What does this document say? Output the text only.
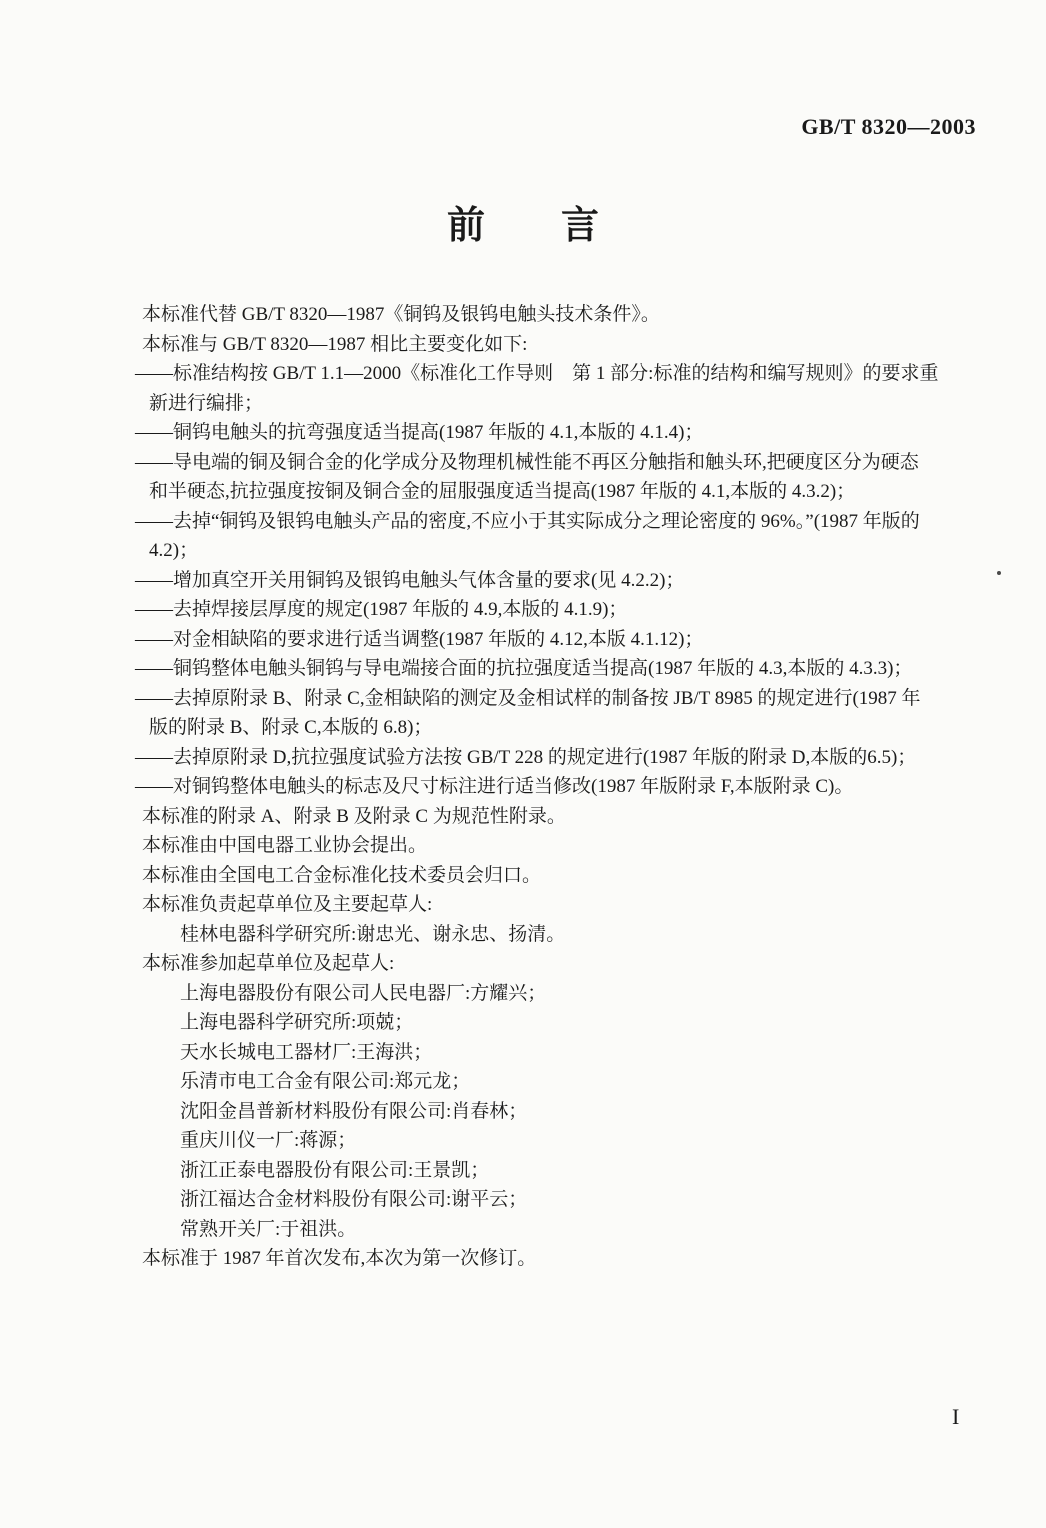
GB/T 8320—2003
前　　言

本标准代替 GB/T 8320—1987《铜钨及银钨电触头技术条件》。

本标准与 GB/T 8320—1987 相比主要变化如下:

——标准结构按 GB/T 1.1—2000《标准化工作导则　第 1 部分:标准的结构和编写规则》的要求重

新进行编排；

——铜钨电触头的抗弯强度适当提高(1987 年版的 4.1,本版的 4.1.4)；

——导电端的铜及铜合金的化学成分及物理机械性能不再区分触指和触头环,把硬度区分为硬态

和半硬态,抗拉强度按铜及铜合金的屈服强度适当提高(1987 年版的 4.1,本版的 4.3.2)；

——去掉“铜钨及银钨电触头产品的密度,不应小于其实际成分之理论密度的 96%。”(1987 年版的

4.2)；

——增加真空开关用铜钨及银钨电触头气体含量的要求(见 4.2.2)；

——去掉焊接层厚度的规定(1987 年版的 4.9,本版的 4.1.9)；

——对金相缺陷的要求进行适当调整(1987 年版的 4.12,本版 4.1.12)；

——铜钨整体电触头铜钨与导电端接合面的抗拉强度适当提高(1987 年版的 4.3,本版的 4.3.3)；

——去掉原附录 B、附录 C,金相缺陷的测定及金相试样的制备按 JB/T 8985 的规定进行(1987 年

版的附录 B、附录 C,本版的 6.8)；

——去掉原附录 D,抗拉强度试验方法按 GB/T 228 的规定进行(1987 年版的附录 D,本版的6.5)；

——对铜钨整体电触头的标志及尺寸标注进行适当修改(1987 年版附录 F,本版附录 C)。

本标准的附录 A、附录 B 及附录 C 为规范性附录。

本标准由中国电器工业协会提出。

本标准由全国电工合金标准化技术委员会归口。

本标准负责起草单位及主要起草人:

桂林电器科学研究所:谢忠光、谢永忠、扬清。

本标准参加起草单位及起草人:

上海电器股份有限公司人民电器厂:方耀兴；

上海电器科学研究所:项兢；

天水长城电工器材厂:王海洪；

乐清市电工合金有限公司:郑元龙；

沈阳金昌普新材料股份有限公司:肖春林；

重庆川仪一厂:蒋源；

浙江正泰电器股份有限公司:王景凯；

浙江福达合金材料股份有限公司:谢平云；

常熟开关厂:于祖洪。

本标准于 1987 年首次发布,本次为第一次修订。

I
